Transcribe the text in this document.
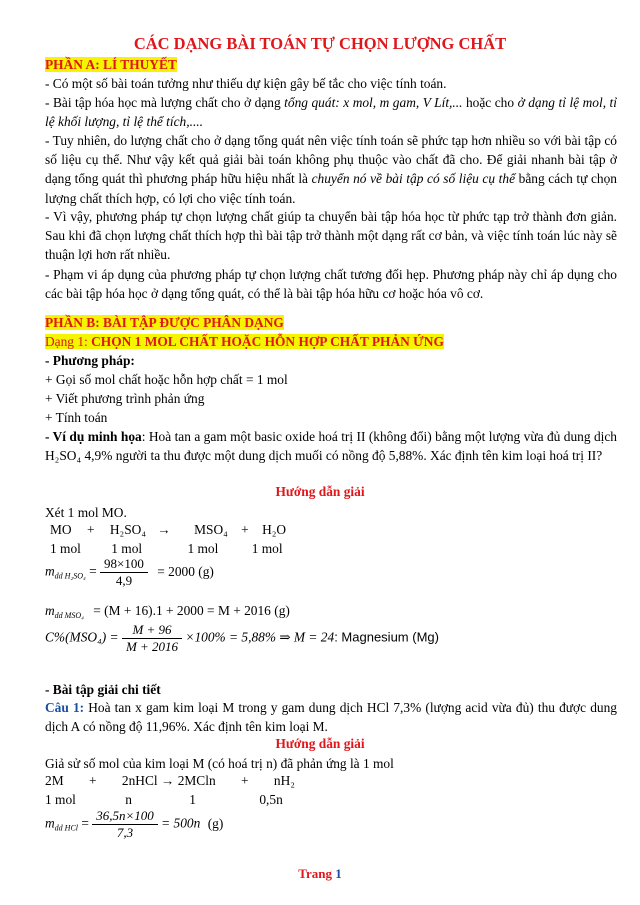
CÁC DẠNG BÀI TOÁN TỰ CHỌN LƯỢNG CHẤT
PHẦN A: LÍ THUYẾT
- Có một số bài toán tưởng như thiếu dự kiện gây bế tắc cho việc tính toán.
- Bài tập hóa học mà lượng chất cho ở dạng tổng quát: x mol, m gam, V Lít,... hoặc cho ở dạng tỉ lệ mol, tỉ lệ khối lượng, tỉ lệ thể tích,....
- Tuy nhiên, do lượng chất cho ở dạng tổng quát nên việc tính toán sẽ phức tạp hơn nhiều so với bài tập có số liệu cụ thể. Như vậy kết quả giải bài toán không phụ thuộc vào chất đã cho. Để giải nhanh bài tập ở dạng tổng quát thì phương pháp hữu hiệu nhất là chuyển nó về bài tập có số liệu cụ thể bằng cách tự chọn lượng chất thích hợp, có lợi cho việc tính toán.
- Vì vậy, phương pháp tự chọn lượng chất giúp ta chuyển bài tập hóa học từ phức tạp trở thành đơn giản. Sau khi đã chọn lượng chất thích hợp thì bài tập trở thành một dạng rất cơ bản, và việc tính toán lúc này sẽ thuận lợi hơn rất nhiều.
- Phạm vi áp dụng của phương pháp tự chọn lượng chất tương đối hẹp. Phương pháp này chỉ áp dụng cho các bài tập hóa học ở dạng tổng quát, có thể là bài tập hóa hữu cơ hoặc hóa vô cơ.
PHẦN B: BÀI TẬP ĐƯỢC PHÂN DẠNG
Dạng 1: CHỌN 1 MOL CHẤT HOẶC HỖN HỢP CHẤT PHẢN ỨNG
- Phương pháp:
+ Gọi số mol chất hoặc hỗn hợp chất = 1 mol
+ Viết phương trình phản ứng
+ Tính toán
- Ví dụ minh họa: Hoà tan a gam một basic oxide hoá trị II (không đổi) bằng một lượng vừa đủ dung dịch H₂SO₄ 4,9% người ta thu được một dung dịch muối có nồng độ 5,88%. Xác định tên kim loại hoá trị II?
Hướng dẫn giải
Xét 1 mol MO.
MO + H₂SO₄ → MSO₄ + H₂O
1 mol 1 mol	1 mol 1 mol
$m_{dd H_2SO_4} = \frac{98\times 100}{4,9} = 2000$ (g)
$m_{dd MSO_4} = (M + 16).1 + 2000 = M + 2016$ (g)
$C\%(MSO_4) = \frac{M + 96}{M + 2016} \times 100\% = 5,88\%$ ⇒ M = 24: Magnesium (Mg)
- Bài tập giải chi tiết
Câu 1: Hoà tan x gam kim loại M trong y gam dung dịch HCl 7,3% (lượng acid vừa đủ) thu được dung dịch A có nồng độ 11,96%. Xác định tên kim loại M.
Hướng dẫn giải
Giả sử số mol của kim loại M (có hoá trị n) đã phản ứng là 1 mol
2M + 2nHCl → 2MCln + nH₂
1 mol	n	1	0,5n
$m_{dd HCl} = \frac{36,5n\times 100}{7,3} = 500n$ (g)
Trang 1
